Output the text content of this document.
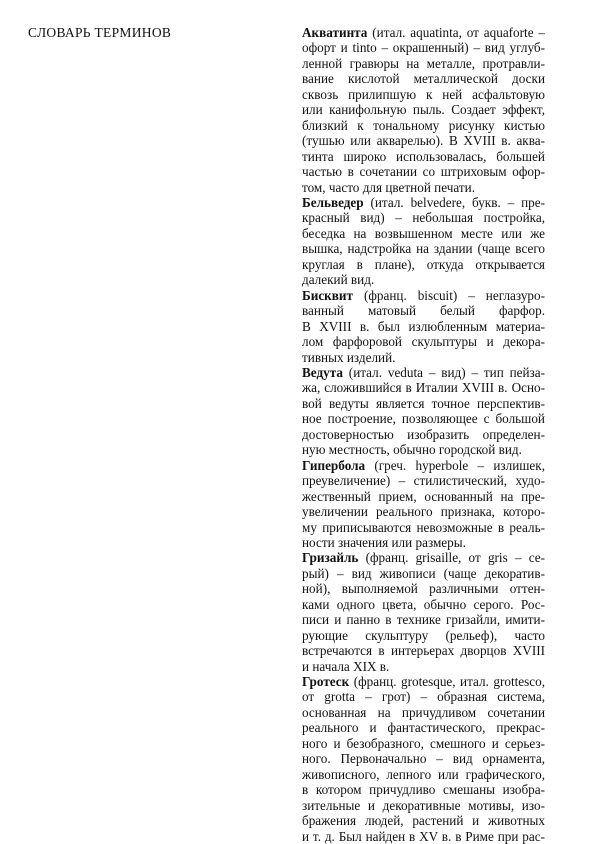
СЛОВАРЬ ТЕРМИНОВ	Акватинта (итал. aquatinta, от aquaforte –
офорт и tinto – окрашенный) – вид углуб-
ленной гравюры на металле, протравли-
вание кислотой металлической доски
сквозь прилипшую к ней асфальтовую
или канифольную пыль. Создает эффект,
близкий к тональному рисунку кистью
(тушью или акварелью). В XVIII в. аква-
тинта широко использовалась, большей
частью в сочетании со штриховым офор-
том, часто для цветной печати.
Бельведер (итал. belvedere, букв. – пре-
красный вид) – небольшая постройка,
беседка на возвышенном месте или же
вышка, надстройка на здании (чаще всего
круглая в плане), откуда открывается
далекий вид.
Бисквит (франц. biscuit) – неглазуро-
ванный матовый белый фарфор.
В XVIII в. был излюбленным материа-
лом фарфоровой скульптуры и декора-
тивных изделий.
Ведута (итал. veduta – вид) – тип пейза-
жа, сложившийся в Италии XVIII в. Осно-
вой ведуты является точное перспектив-
ное построение, позволяющее с большой
достоверностью изобразить определен-
ную местность, обычно городской вид.
Гипербола (греч. hyperbole – излишек,
преувеличение) – стилистический, худо-
жественный прием, основанный на пре-
увеличении реального признака, которо-
му приписываются невозможные в реаль-
ности значения или размеры.
Гризайль (франц. grisaille, от gris – се-
рый) – вид живописи (чаще декоратив-
ной), выполняемой различными оттен-
ками одного цвета, обычно серого. Рос-
писи и панно в технике гризайли, имити-
рующие скульптуру (рельеф), часто
встречаются в интерьерах дворцов XVIII
и начала XIX в.
Гротеск (франц. grotesque, итал. grottesco,
от grotta – грот) – образная система,
основанная на причудливом сочетании
реального и фантастического, прекрас-
ного и безобразного, смешного и серьез-
ного. Первоначально – вид орнамента,
живописного, лепного или графического,
в котором причудливо смешаны изобра-
зительные и декоративные мотивы, изо-
бражения людей, растений и животных
и т. д. Был найден в XV в. в Риме при рас-
